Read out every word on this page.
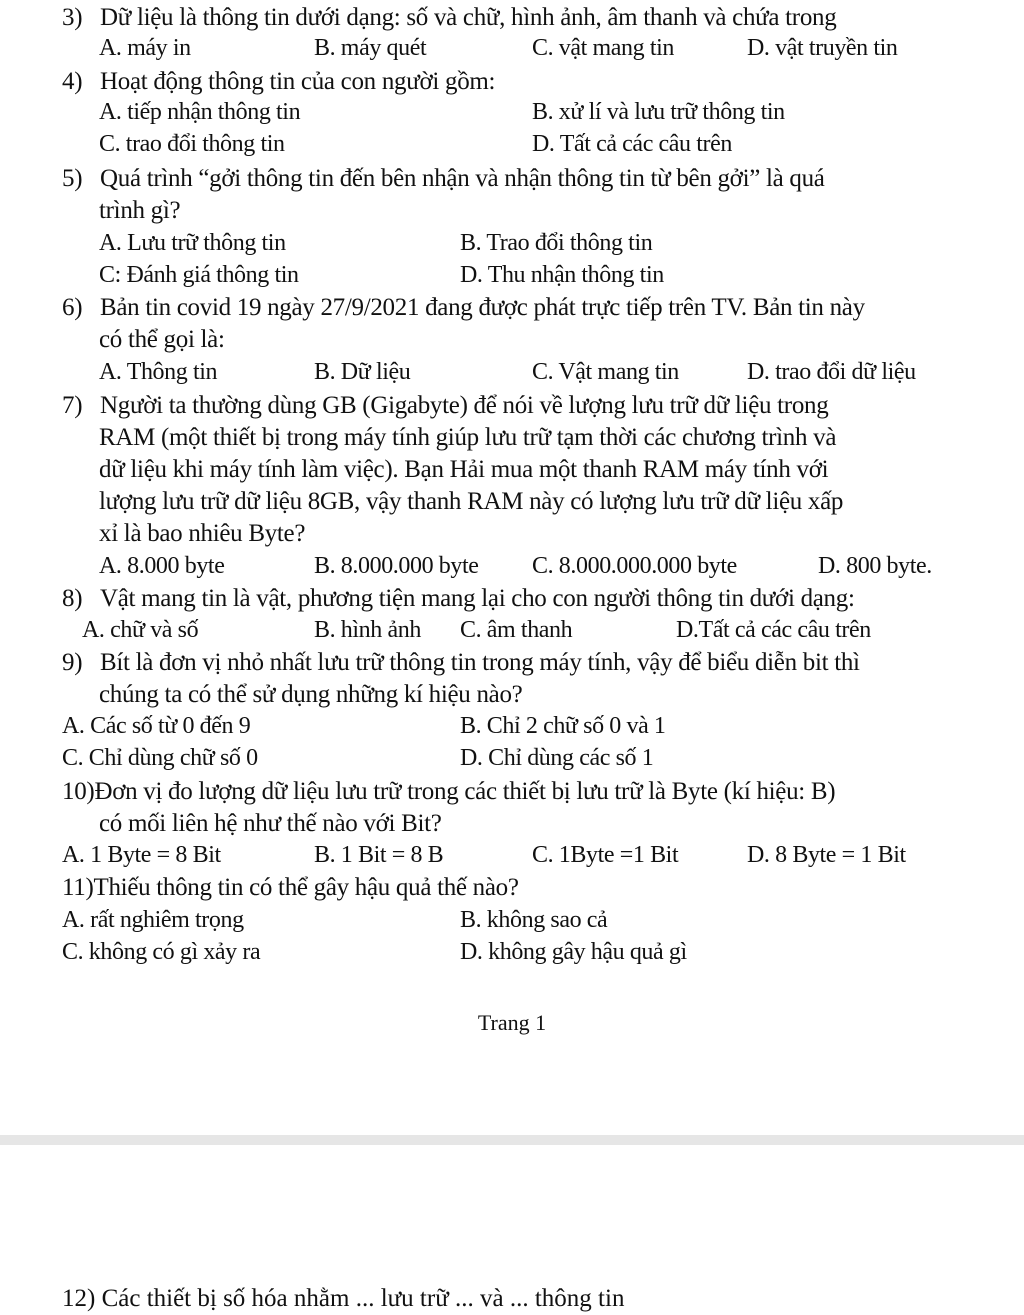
3) Dữ liệu là thông tin dưới dạng: số và chữ, hình ảnh, âm thanh và chứa trong
A. máy in	B. máy quét	C. vật mang tin	D. vật truyền tin
4) Hoạt động thông tin của con người gồm:
A. tiếp nhận thông tin	B. xử lí và lưu trữ thông tin
C. trao đổi thông tin	D. Tất cả các câu trên
5) Quá trình “gởi thông tin đến bên nhận và nhận thông tin từ bên gởi” là quá
trình gì?
A. Lưu trữ thông tin	B. Trao đổi thông tin
C: Đánh giá thông tin	D. Thu nhận thông tin
6) Bản tin covid 19 ngày 27/9/2021 đang được phát trực tiếp trên TV. Bản tin này
có thể gọi là:
A. Thông tin	B. Dữ liệu	C. Vật mang tin	D. trao đổi dữ liệu
7) Người ta thường dùng GB (Gigabyte) để nói về lượng lưu trữ dữ liệu trong
RAM (một thiết bị trong máy tính giúp lưu trữ tạm thời các chương trình và
dữ liệu khi máy tính làm việc). Bạn Hải mua một thanh RAM máy tính với
lượng lưu trữ dữ liệu 8GB, vậy thanh RAM này có lượng lưu trữ dữ liệu xấp
xỉ là bao nhiêu Byte?
A. 8.000 byte	B. 8.000.000 byte C. 8.000.000.000 byte	D. 800 byte.
8) Vật mang tin là vật, phương tiện mang lại cho con người thông tin dưới dạng:
A. chữ và số	B. hình ảnh C. âm thanh	D.Tất cả các câu trên
9) Bít là đơn vị nhỏ nhất lưu trữ thông tin trong máy tính, vậy để biểu diễn bit thì
chúng ta có thể sử dụng những kí hiệu nào?
A. Các số từ 0 đến 9	B. Chỉ 2 chữ số 0 và 1
C. Chỉ dùng chữ số 0	D. Chỉ dùng các số 1
10)Đơn vị đo lượng dữ liệu lưu trữ trong các thiết bị lưu trữ là Byte (kí hiệu: B)
có mối liên hệ như thế nào với Bit?
A. 1 Byte = 8 Bit	B. 1 Bit = 8 B	C. 1Byte =1 Bit	D. 8 Byte = 1 Bit
11)Thiếu thông tin có thể gây hậu quả thế nào?
A. rất nghiêm trọng	B. không sao cả
C. không có gì xảy ra	D. không gây hậu quả gì
Trang 1
12) Các thiết bị số hóa nhằm ... lưu trữ ... và ... thông tin
